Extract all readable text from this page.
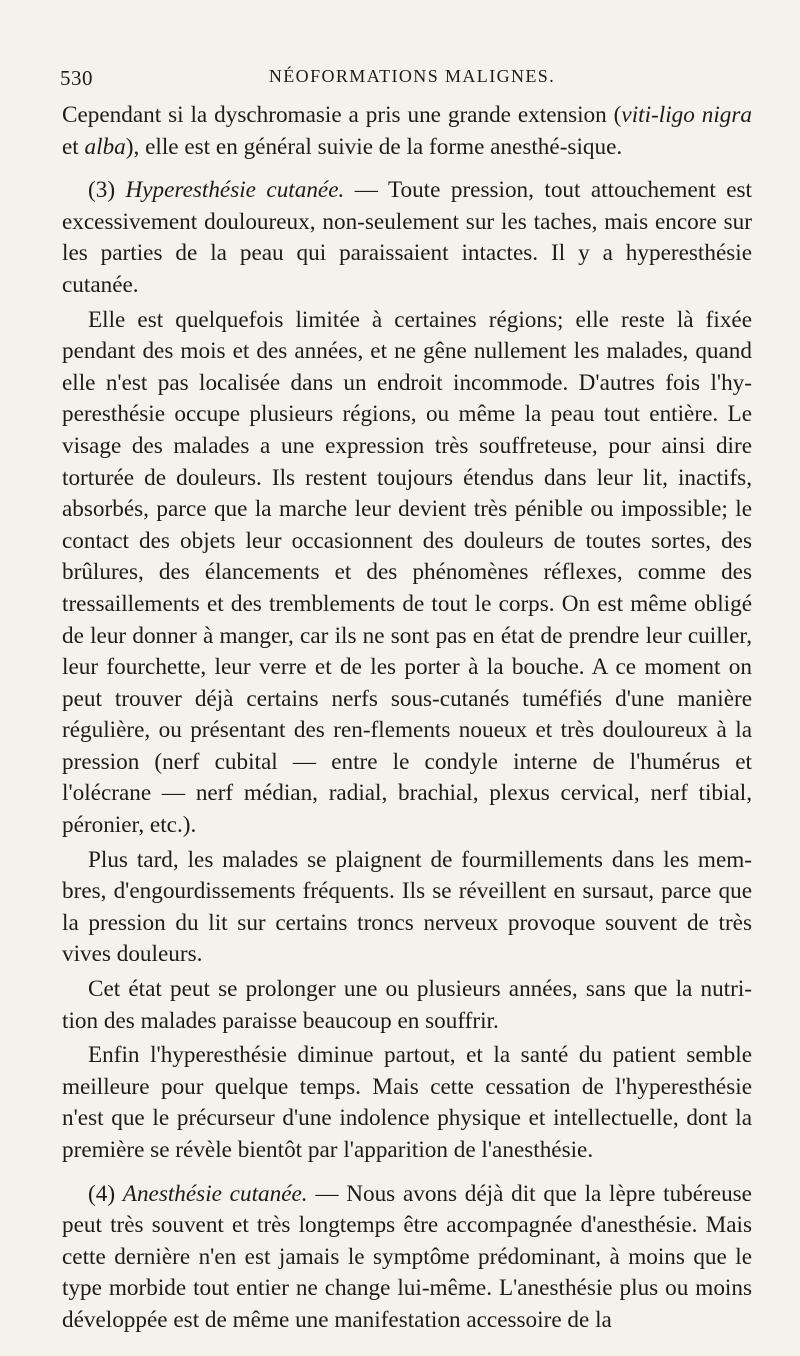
530	NÉOFORMATIONS MALIGNES.

Cependant si la dyschromasie a pris une grande extension (viti-ligo nigra et alba), elle est en général suivie de la forme anesthé-sique.

(3) Hyperesthésie cutanée. — Toute pression, tout attouchement est excessivement douloureux, non-seulement sur les taches, mais encore sur les parties de la peau qui paraissaient intactes. Il y a hyperesthésie cutanée.

Elle est quelquefois limitée à certaines régions; elle reste là fixée pendant des mois et des années, et ne gêne nullement les malades, quand elle n'est pas localisée dans un endroit incommode. D'autres fois l'hy-peresthésie occupe plusieurs régions, ou même la peau tout entière. Le visage des malades a une expression très souffreteuse, pour ainsi dire torturée de douleurs. Ils restent toujours étendus dans leur lit, inactifs, absorbés, parce que la marche leur devient très pénible ou impossible; le contact des objets leur occasionnent des douleurs de toutes sortes, des brûlures, des élancements et des phénomènes réflexes, comme des tressaillements et des tremblements de tout le corps. On est même obligé de leur donner à manger, car ils ne sont pas en état de prendre leur cuiller, leur fourchette, leur verre et de les porter à la bouche. A ce moment on peut trouver déjà certains nerfs sous-cutanés tuméfiés d'une manière régulière, ou présentant des ren-flements noueux et très douloureux à la pression (nerf cubital — entre le condyle interne de l'humérus et l'olécrane — nerf médian, radial, brachial, plexus cervical, nerf tibial, péronier, etc.).

Plus tard, les malades se plaignent de fourmillements dans les mem-bres, d'engourdissements fréquents. Ils se réveillent en sursaut, parce que la pression du lit sur certains troncs nerveux provoque souvent de très vives douleurs.

Cet état peut se prolonger une ou plusieurs années, sans que la nutri-tion des malades paraisse beaucoup en souffrir.

Enfin l'hyperesthésie diminue partout, et la santé du patient semble meilleure pour quelque temps. Mais cette cessation de l'hyperesthésie n'est que le précurseur d'une indolence physique et intellectuelle, dont la première se révèle bientôt par l'apparition de l'anesthésie.

(4) Anesthésie cutanée. — Nous avons déjà dit que la lèpre tubéreuse peut très souvent et très longtemps être accompagnée d'anesthésie. Mais cette dernière n'en est jamais le symptôme prédominant, à moins que le type morbide tout entier ne change lui-même. L'anesthésie plus ou moins développée est de même une manifestation accessoire de la
